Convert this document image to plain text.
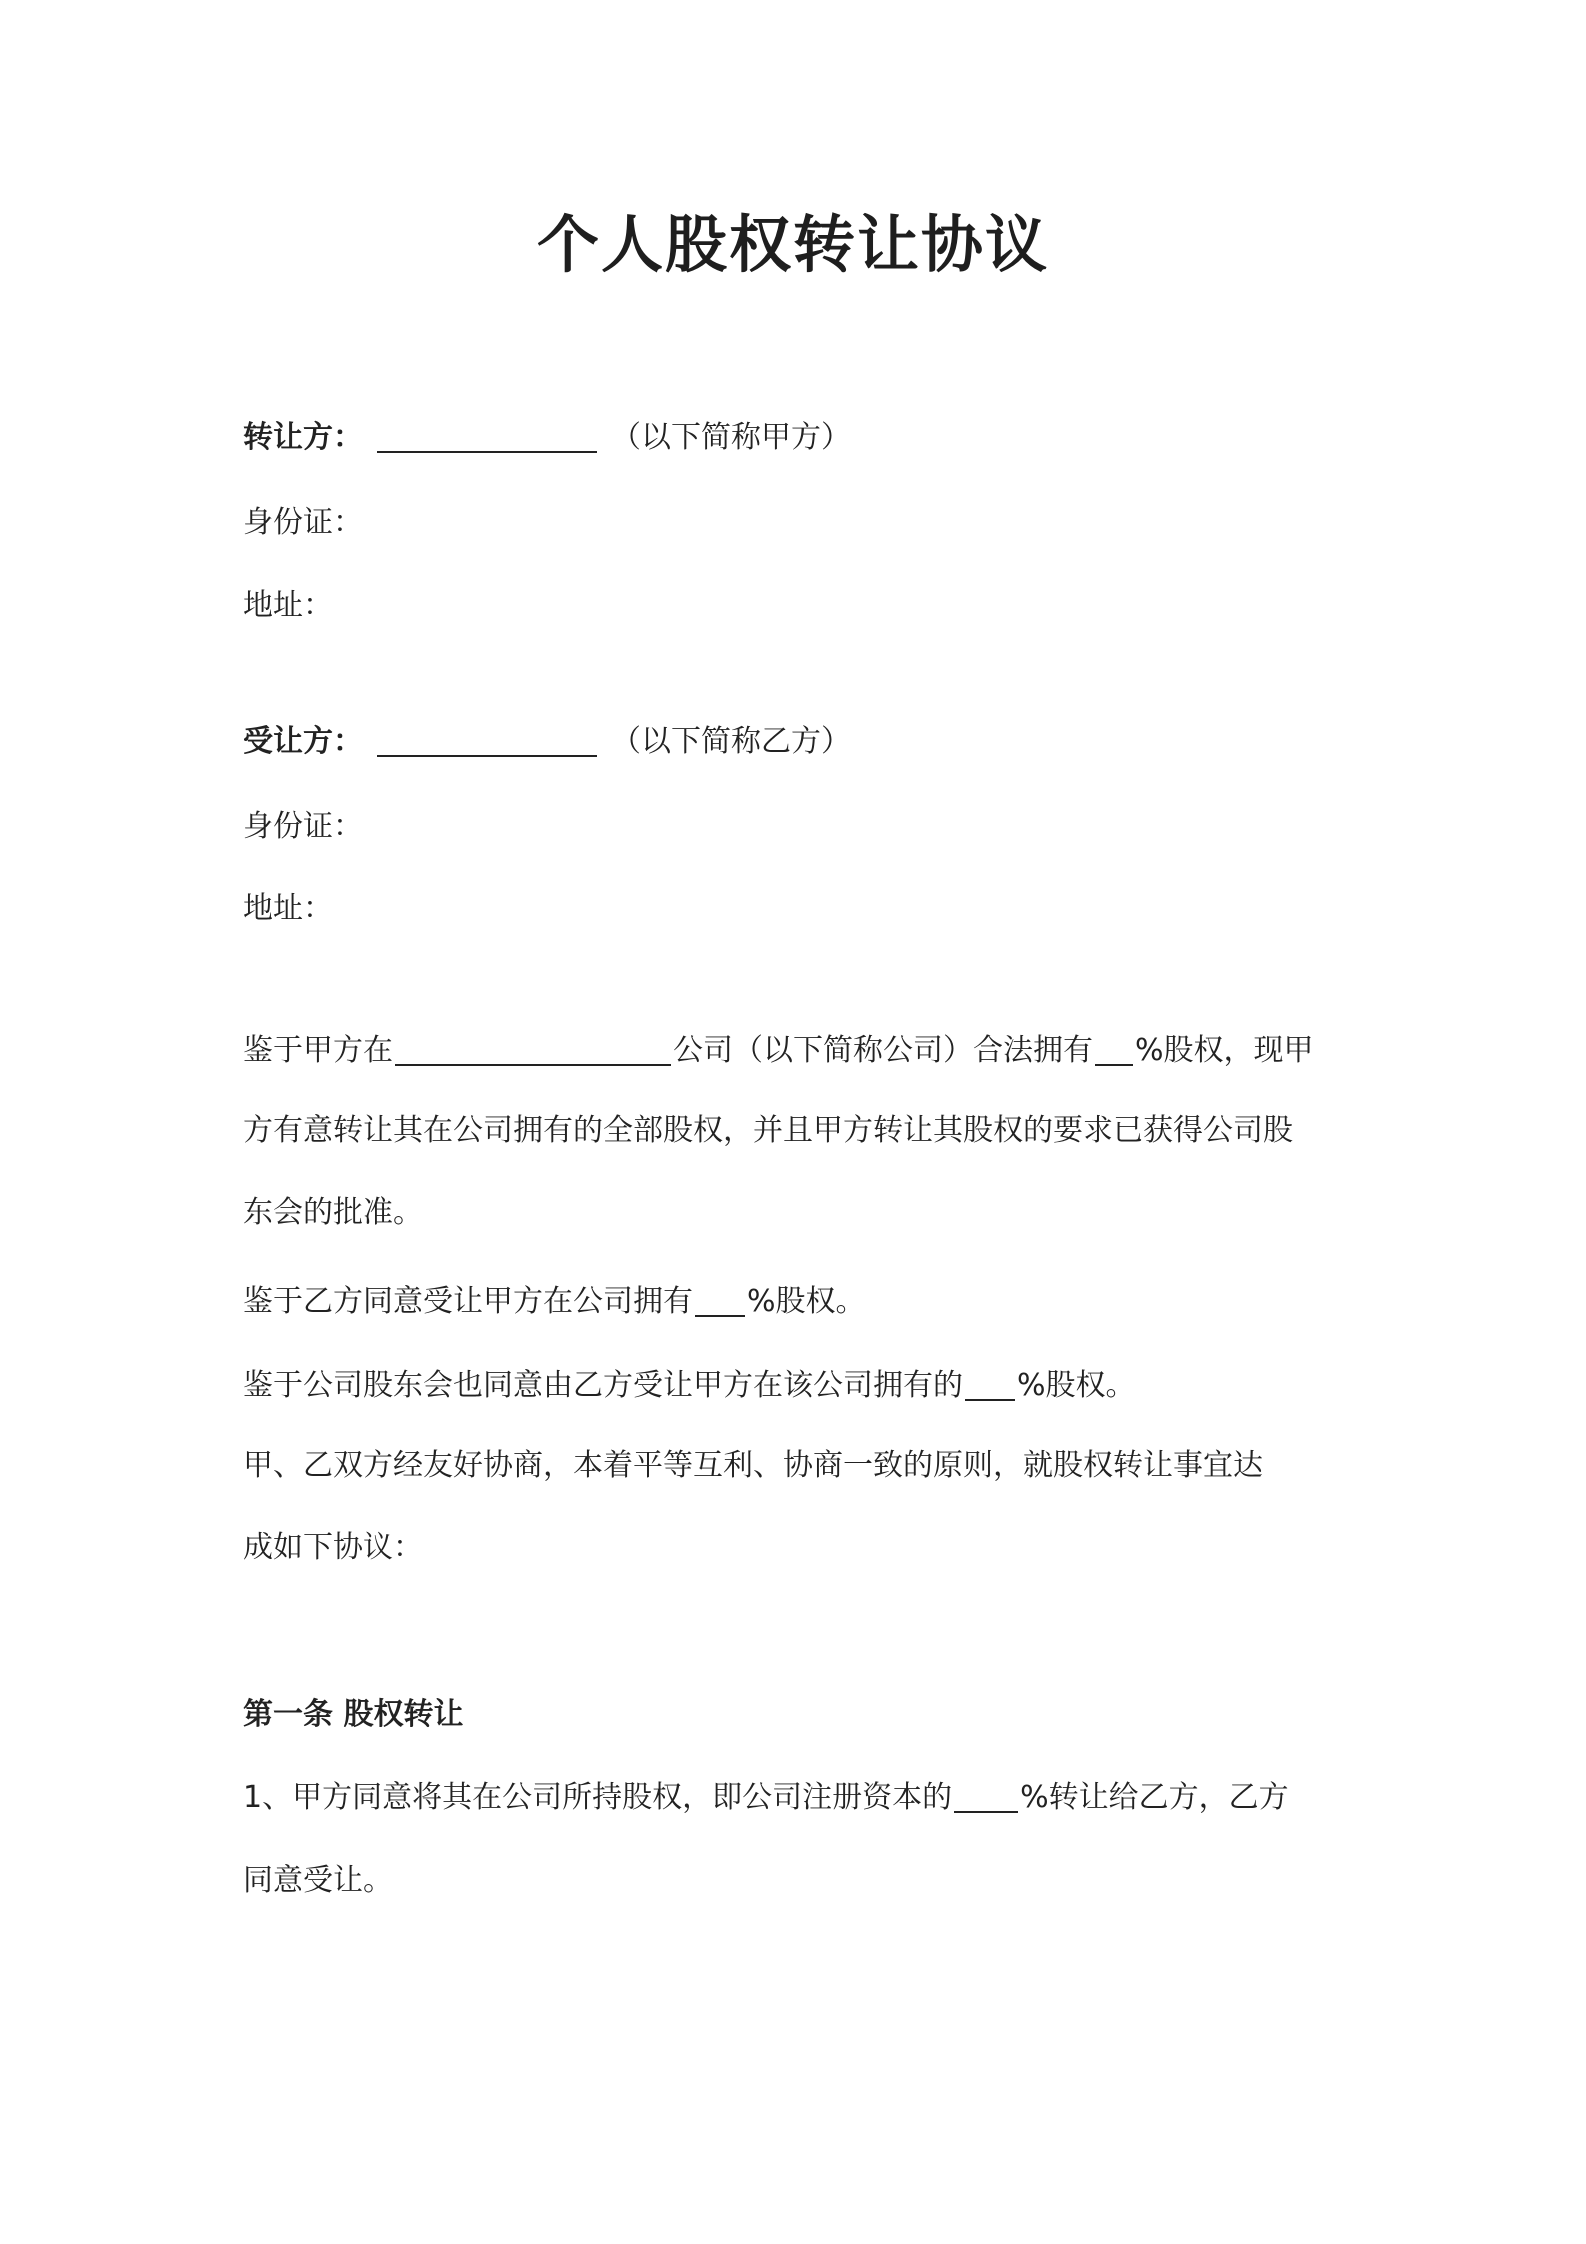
个人股权转让协议
转让方：	（以下简称甲方）
身份证：
地址：
受让方：	（以下简称乙方）
身份证：
地址：
鉴于甲方在	公司（以下简称公司）合法拥有 %股权，现甲
方有意转让其在公司拥有的全部股权，并且甲方转让其股权的要求已获得公司股
东会的批准。
鉴于乙方同意受让甲方在公司拥有 %股权。
鉴于公司股东会也同意由乙方受让甲方在该公司拥有的 %股权。
甲、乙双方经友好协商，本着平等互利、协商一致的原则，就股权转让事宜达
成如下协议：
第一条 股权转让
1、甲方同意将其在公司所持股权，即公司注册资本的 %转让给乙方，乙方
同意受让。
